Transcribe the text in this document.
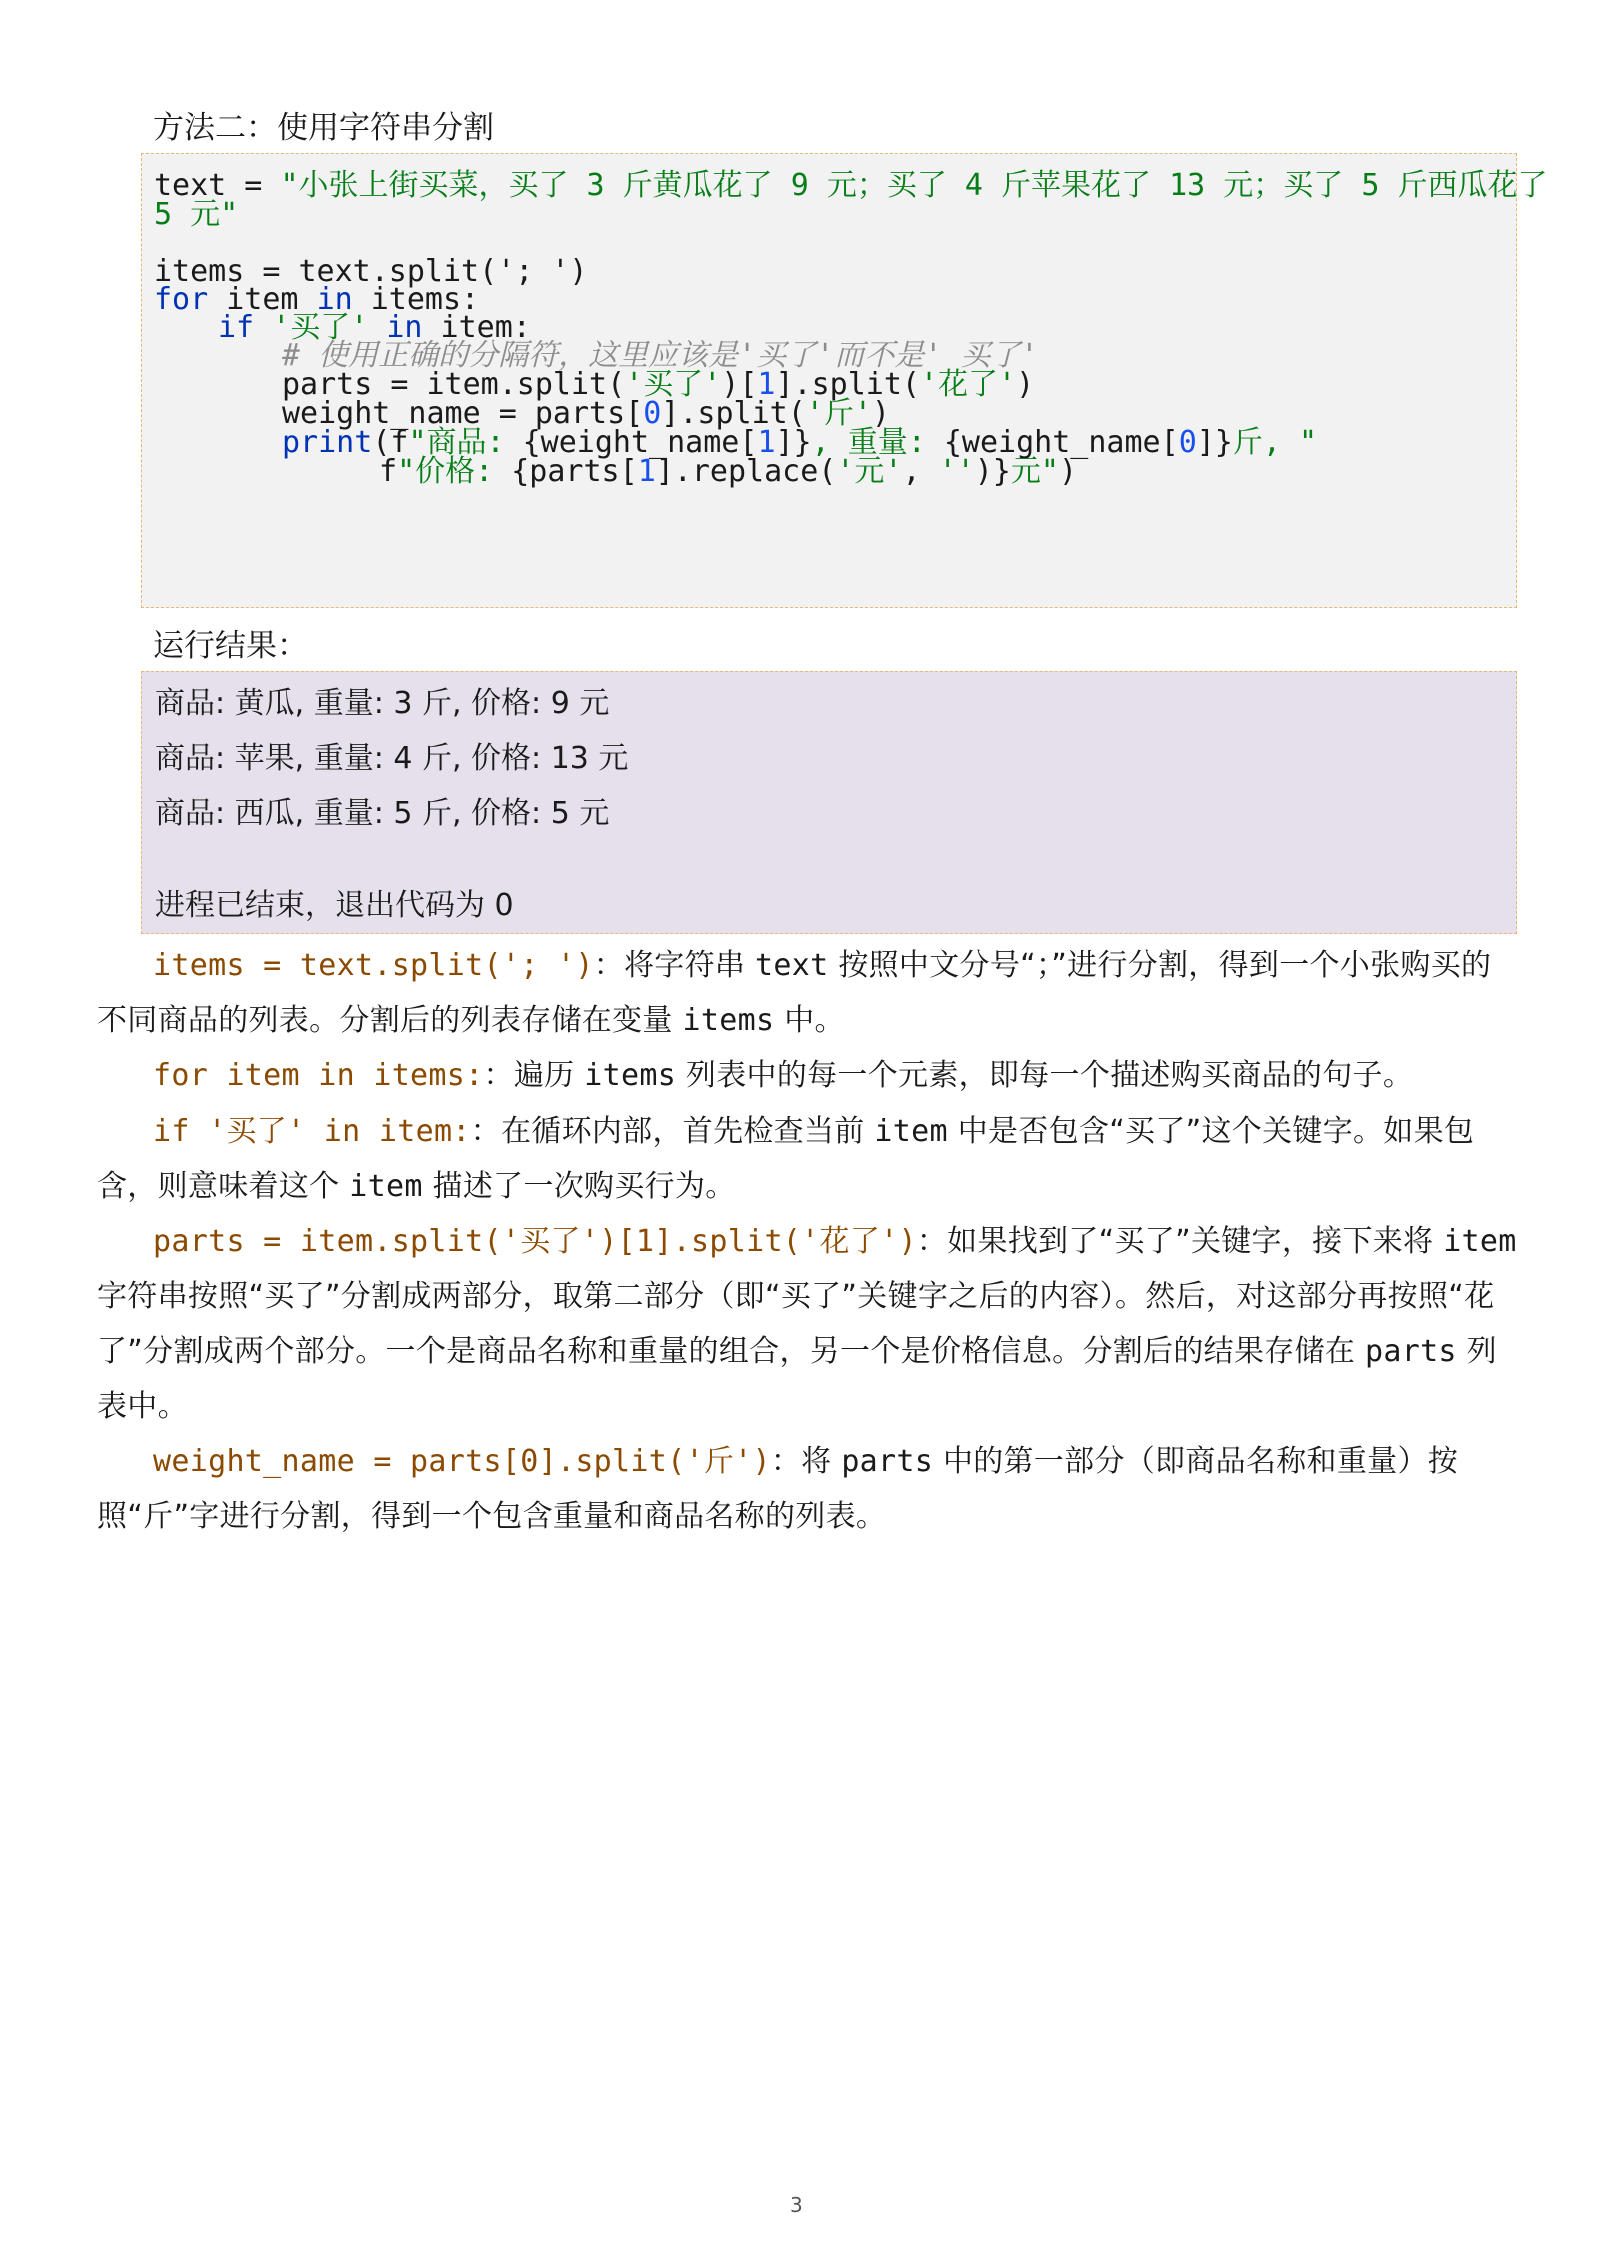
方法二：使用字符串分割
text = "小张上街买菜，买了 3 斤黄瓜花了 9 元；买了 4 斤苹果花了 13 元；买了 5 斤西瓜花了
5 元"
items = text.split('; ')
for item in items:
if '买了' in item:
# 使用正确的分隔符，这里应该是'买了'而不是' 买了'
parts = item.split('买了')[1].split('花了')
weight_name = parts[0].split('斤')
print(f"商品: {weight_name[1]}, 重量: {weight_name[0]}斤, "
f"价格: {parts[1].replace('元', '')}元")
运行结果：
商品: 黄瓜, 重量: 3 斤, 价格: 9 元
商品: 苹果, 重量: 4 斤, 价格: 13 元
商品: 西瓜, 重量: 5 斤, 价格: 5 元
进程已结束，退出代码为 0

items = text.split('; ')：将字符串 text 按照中文分号“；”进行分割，得到一个小张购买的不同商品的列表。分割后的列表存储在变量 items 中。

for item in items:：遍历 items 列表中的每一个元素，即每一个描述购买商品的句子。

if '买了' in item:：在循环内部，首先检查当前 item 中是否包含“买了”这个关键字。如果包含，则意味着这个 item 描述了一次购买行为。

parts = item.split('买了')[1].split('花了')：如果找到了“买了”关键字，接下来将 item 字符串按照“买了”分割成两部分，取第二部分（即“买了”关键字之后的内容）。然后，对这部分再按照“花了”分割成两个部分。一个是商品名称和重量的组合，另一个是价格信息。分割后的结果存储在 parts 列表中。

weight_name = parts[0].split('斤')：将 parts 中的第一部分（即商品名称和重量）按照“斤”字进行分割，得到一个包含重量和商品名称的列表。

3
